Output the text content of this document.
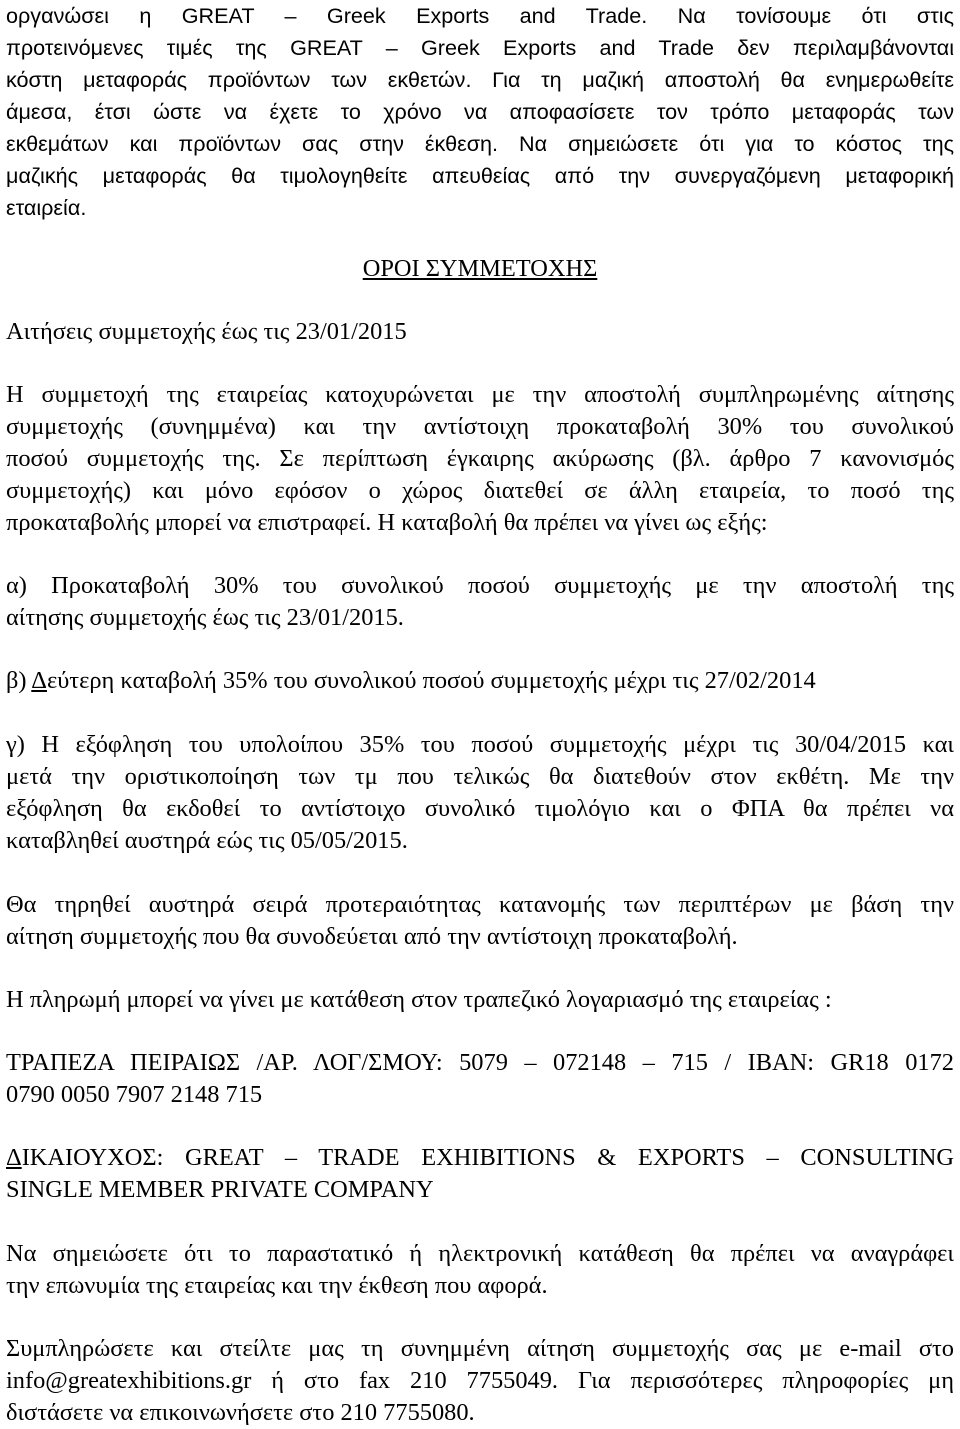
οργανώσει η GREAT – Greek Exports and Trade. Να τονίσουμε ότι στις
προτεινόμενες τιμές της GREAT – Greek Exports and Trade δεν περιλαμβάνονται
κόστη μεταφοράς προϊόντων των εκθετών. Για τη μαζική αποστολή θα ενημερωθείτε
άμεσα, έτσι ώστε να έχετε το χρόνο να αποφασίσετε τον τρόπο μεταφοράς των
εκθεμάτων και προϊόντων σας στην έκθεση. Να σημειώσετε ότι για το κόστος της
μαζικής μεταφοράς θα τιμολογηθείτε απευθείας από την συνεργαζόμενη μεταφορική
εταιρεία.
ΟΡΟΙ ΣΥΜΜΕΤΟΧΗΣ
Αιτήσεις συμμετοχής έως τις 23/01/2015
Η συμμετοχή της εταιρείας κατοχυρώνεται με την αποστολή συμπληρωμένης αίτησης
συμμετοχής (συνημμένα) και την αντίστοιχη προκαταβολή 30% του συνολικού
ποσού συμμετοχής της. Σε περίπτωση έγκαιρης ακύρωσης (βλ. άρθρο 7 κανονισμός
συμμετοχής) και μόνο εφόσον ο χώρος διατεθεί σε άλλη εταιρεία, το ποσό της
προκαταβολής μπορεί να επιστραφεί. Η καταβολή θα πρέπει να γίνει ως εξής:
α) Προκαταβολή 30% του συνολικού ποσού συμμετοχής με την αποστολή της
αίτησης συμμετοχής έως τις 23/01/2015.
β) Δεύτερη καταβολή 35% του συνολικού ποσού συμμετοχής μέχρι τις 27/02/2014
γ) Η εξόφληση του υπολοίπου 35% του ποσού συμμετοχής μέχρι τις 30/04/2015 και
μετά την οριστικοποίηση των τμ που τελικώς θα διατεθούν στον εκθέτη. Με την
εξόφληση θα εκδοθεί το αντίστοιχο συνολικό τιμολόγιο και ο ΦΠΑ θα πρέπει να
καταβληθεί αυστηρά εώς τις 05/05/2015.
Θα τηρηθεί αυστηρά σειρά προτεραιότητας κατανομής των περιπτέρων με βάση την
αίτηση συμμετοχής που θα συνοδεύεται από την αντίστοιχη προκαταβολή.
Η πληρωμή μπορεί να γίνει με κατάθεση στον τραπεζικό λογαριασμό της εταιρείας :
ΤΡΑΠΕΖΑ ΠΕΙΡΑΙΩΣ /ΑΡ. ΛΟΓ/ΣΜΟΥ: 5079 – 072148 – 715 / IBAN: GR18 0172
0790 0050 7907 2148 715
ΔΙΚΑΙΟΥΧΟΣ: GREAT – TRADE EXHIBITIONS & EXPORTS – CONSULTING
SINGLE MEMBER PRIVATE COMPANY
Να σημειώσετε ότι το παραστατικό ή ηλεκτρονική κατάθεση θα πρέπει να αναγράφει
την επωνυμία της εταιρείας και την έκθεση που αφορά.
Συμπληρώσετε και στείλτε μας τη συνημμένη αίτηση συμμετοχής σας με e-mail στο
info@greatexhibitions.gr ή στο fax 210 7755049. Για περισσότερες πληροφορίες μη
διστάσετε να επικοινωνήσετε στο 210 7755080.
